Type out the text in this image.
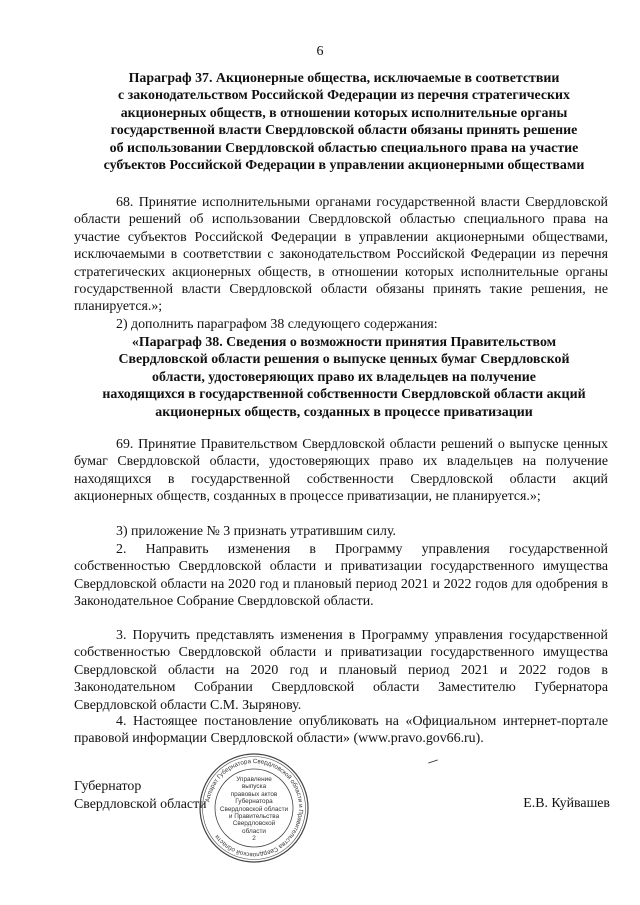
6
Параграф 37. Акционерные общества, исключаемые в соответствии
с законодательством Российской Федерации из перечня стратегических
акционерных обществ, в отношении которых исполнительные органы
государственной власти Свердловской области обязаны принять решение
об использовании Свердловской областью специального права на участие
субъектов Российской Федерации в управлении акционерными обществами
68. Принятие исполнительными органами государственной власти Свердловской области решений об использовании Свердловской областью специального права на участие субъектов Российской Федерации в управлении акционерными обществами, исключаемыми в соответствии с законодательством Российской Федерации из перечня стратегических акционерных обществ, в отношении которых исполнительные органы государственной власти Свердловской области обязаны принять такие решения, не планируется.»;
2) дополнить параграфом 38 следующего содержания:
«Параграф 38. Сведения о возможности принятия Правительством
Свердловской области решения о выпуске ценных бумаг Свердловской
области, удостоверяющих право их владельцев на получение
находящихся в государственной собственности Свердловской области акций
акционерных обществ, созданных в процессе приватизации
69. Принятие Правительством Свердловской области решений о выпуске ценных бумаг Свердловской области, удостоверяющих право их владельцев на получение находящихся в государственной собственности Свердловской области акций акционерных обществ, созданных в процессе приватизации, не планируется.»;
3) приложение № 3 признать утратившим силу.
2. Направить изменения в Программу управления государственной собственностью Свердловской области и приватизации государственного имущества Свердловской области на 2020 год и плановый период 2021 и 2022 годов для одобрения в Законодательное Собрание Свердловской области.
3. Поручить представлять изменения в Программу управления государственной собственностью Свердловской области и приватизации государственного имущества Свердловской области на 2020 год и плановый период 2021 и 2022 годов в Законодательном Собрании Свердловской области Заместителю Губернатора Свердловской области С.М. Зырянову.
4. Настоящее постановление опубликовать на «Официальном интернет-портале правовой информации Свердловской области» (www.pravo.gov66.ru).
Губернатор
Свердловской области
Аппарат Губернатора Свердловской области и Правительства Свердловской области
Управление
выпуска
правовых актов
Губернатора
Свердловской области
и Правительства
Свердловской
области
2
Е.В. Куйвашев
